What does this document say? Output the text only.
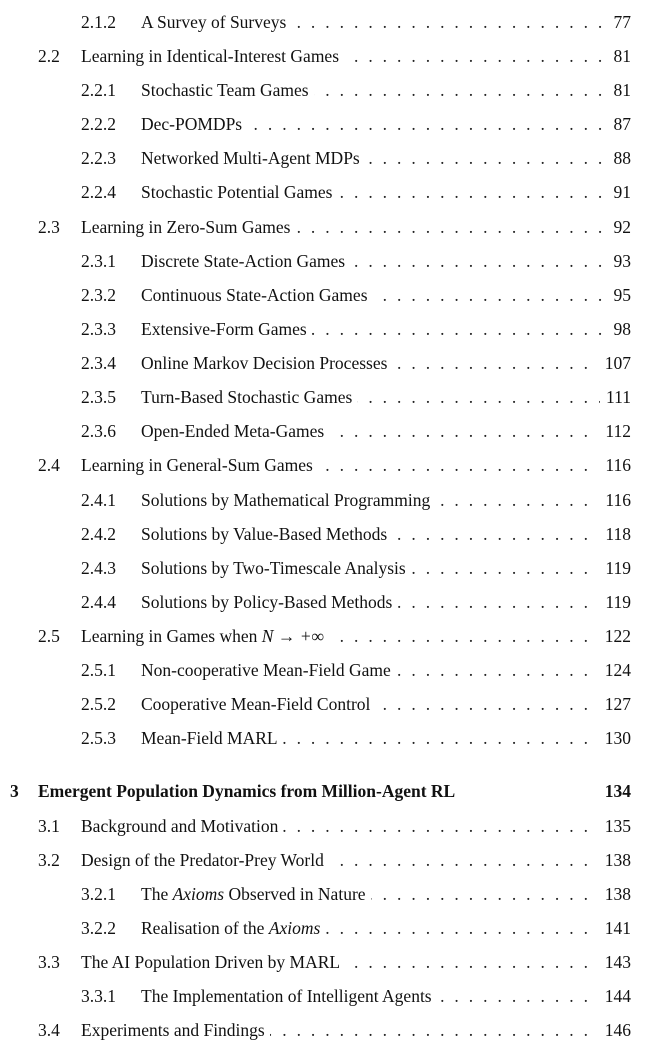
2.1.2 . . . A Survey of Surveys	77
2.2 . . . Learning in Identical-Interest Games	81
2.2.1 . . . Stochastic Team Games	81
2.2.2 . . . Dec-POMDPs	87
2.2.3 . . . Networked Multi-Agent MDPs	88
2.2.4 . . . Stochastic Potential Games	91
2.3 . . . Learning in Zero-Sum Games	92
2.3.1 . . . Discrete State-Action Games	93
2.3.2 . . . Continuous State-Action Games	95
2.3.3 . . . Extensive-Form Games	98
2.3.4 . . . Online Markov Decision Processes	107
2.3.5 . . . Turn-Based Stochastic Games	111
2.3.6 . . . Open-Ended Meta-Games	112
2.4 . . . Learning in General-Sum Games	116
2.4.1 . . . Solutions by Mathematical Programming	116
2.4.2 . . . Solutions by Value-Based Methods	118
2.4.3 . . . Solutions by Two-Timescale Analysis	119
2.4.4 . . . Solutions by Policy-Based Methods	119
2.5 . . . Learning in Games when N → +∞	122
2.5.1 . . . Non-cooperative Mean-Field Game	124
2.5.2 . . . Cooperative Mean-Field Control	127
2.5.3 . . . Mean-Field MARL	130
3 Emergent Population Dynamics from Million-Agent RL	134
3.1 . . . Background and Motivation	135
3.2 . . . Design of the Predator-Prey World	138
3.2.1 . . . The Axioms Observed in Nature	138
3.2.2 . . . Realisation of the Axioms	141
3.3 . . . The AI Population Driven by MARL	143
3.3.1 . . . The Implementation of Intelligent Agents	144
3.4 . . . Experiments and Findings	146
